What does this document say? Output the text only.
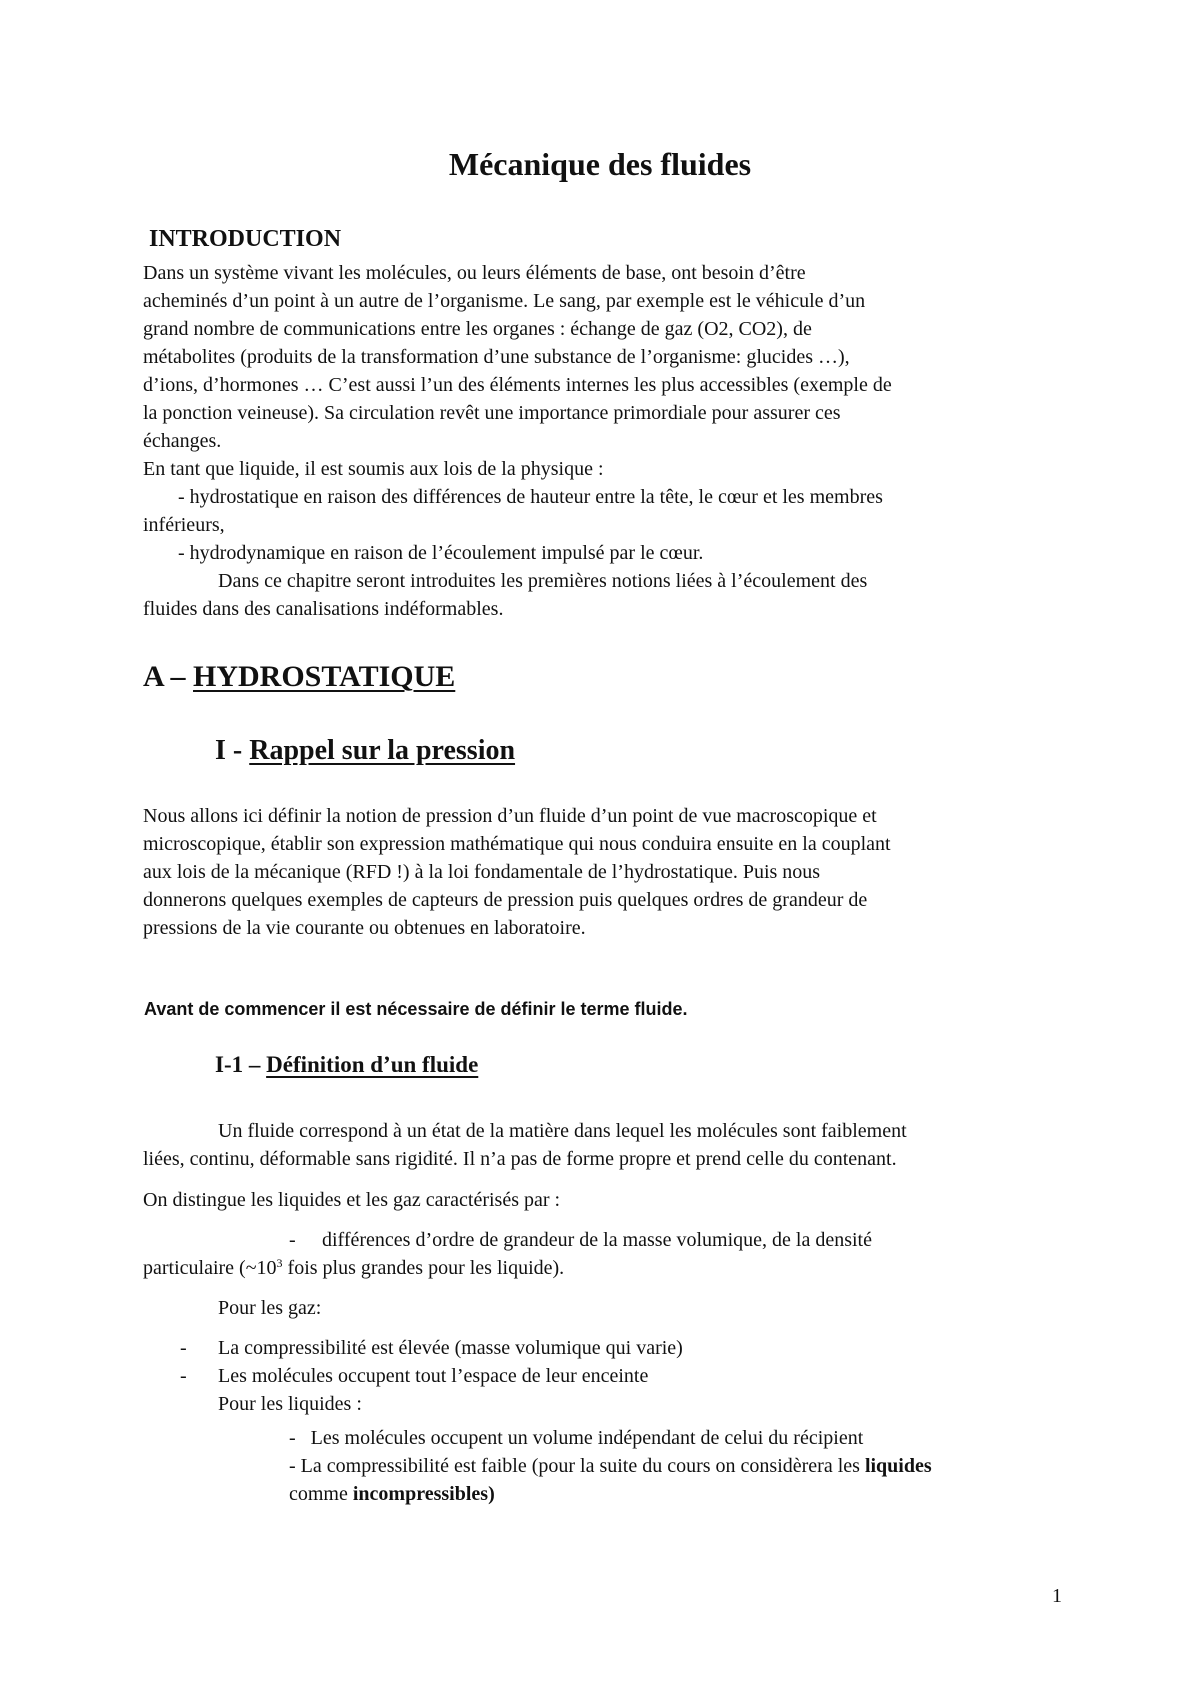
Mécanique des fluides
INTRODUCTION
Dans un système vivant les molécules, ou leurs éléments de base, ont besoin d’être
acheminés d’un point à un autre de l’organisme. Le sang, par exemple est le véhicule d’un
grand nombre de communications entre les organes : échange de gaz (O2, CO2), de
métabolites (produits de la transformation d’une substance de l’organisme: glucides …),
d’ions, d’hormones … C’est aussi l’un des éléments internes les plus accessibles (exemple de
la ponction veineuse). Sa circulation revêt une importance primordiale pour assurer ces
échanges.
En tant que liquide, il est soumis aux lois de la physique :
- hydrostatique en raison des différences de hauteur entre la tête, le cœur et les membres
inférieurs,
- hydrodynamique en raison de l’écoulement impulsé par le cœur.
Dans ce chapitre seront introduites les premières notions liées à l’écoulement des
fluides dans des canalisations indéformables.
A – HYDROSTATIQUE
I - Rappel sur la pression
Nous allons ici définir la notion de pression d’un fluide d’un point de vue macroscopique et
microscopique, établir son expression mathématique qui nous conduira ensuite en la couplant
aux lois de la mécanique (RFD !) à la loi fondamentale de l’hydrostatique. Puis nous
donnerons quelques exemples de capteurs de pression puis quelques ordres de grandeur de
pressions de la vie courante ou obtenues en laboratoire.
Avant de commencer il est nécessaire de définir le terme fluide.
I-1 – Définition d’un fluide
Un fluide correspond à un état de la matière dans lequel les molécules sont faiblement
liées, continu, déformable sans rigidité. Il n’a pas de forme propre et prend celle du contenant.
On distingue les liquides et les gaz caractérisés par :
- différences d’ordre de grandeur de la masse volumique, de la densité
particulaire ($\sim 10^3$ fois plus grandes pour les liquide).
Pour les gaz:
- La compressibilité est élevée (masse volumique qui varie)
- Les molécules occupent tout l’espace de leur enceinte
Pour les liquides :
-   Les molécules occupent un volume indépendant de celui du récipient
- La compressibilité est faible (pour la suite du cours on considèrera les liquides
comme incompressibles)
1
